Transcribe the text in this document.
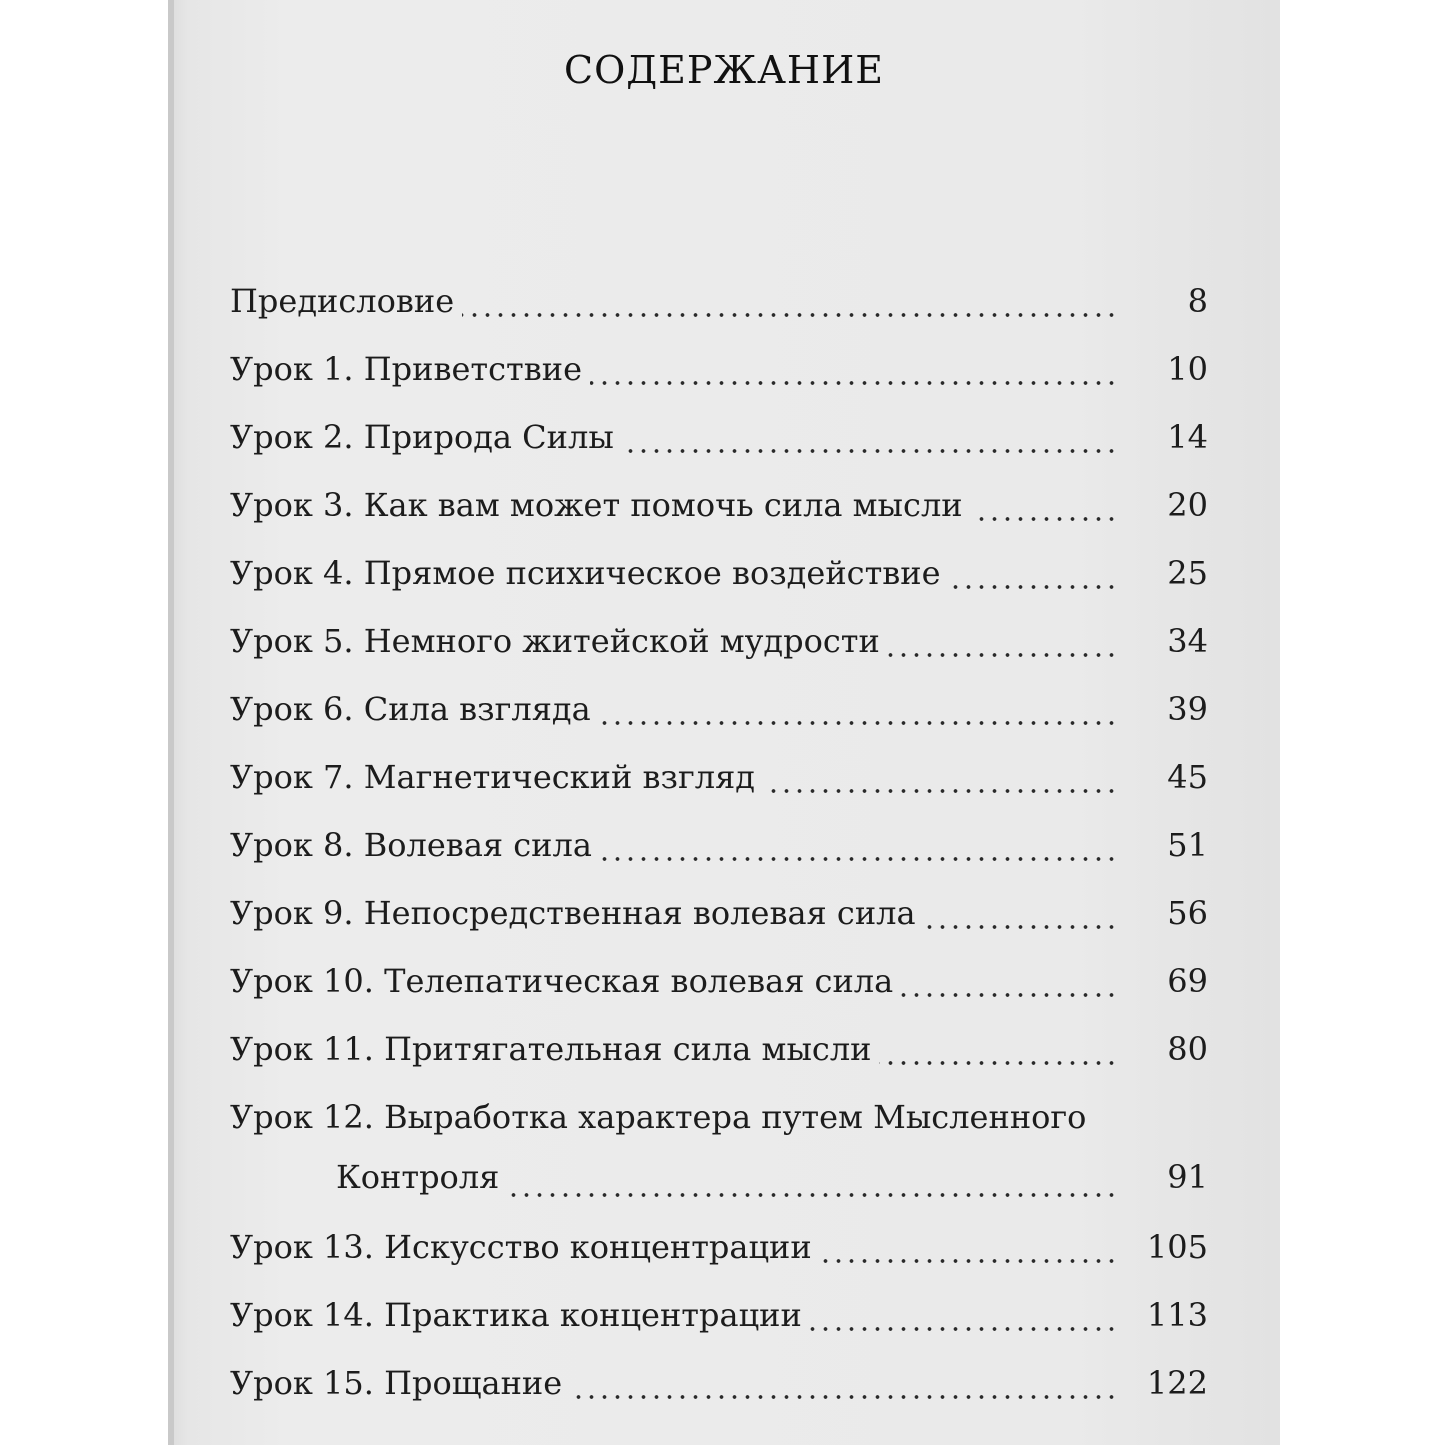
СОДЕРЖАНИЕ
Предисловие	8
Урок 1. Приветствие	10
Урок 2. Природа Силы	14
Урок 3. Как вам может помочь сила мысли	20
Урок 4. Прямое психическое воздействие	25
Урок 5. Немного житейской мудрости	34
Урок 6. Сила взгляда	39
Урок 7. Магнетический взгляд	45
Урок 8. Волевая сила	51
Урок 9. Непосредственная волевая сила	56
Урок 10. Телепатическая волевая сила	69
Урок 11. Притягательная сила мысли	80
Урок 12. Выработка характера путем Мысленного
Контроля	91
Урок 13. Искусство концентрации	105
Урок 14. Практика концентрации	113
Урок 15. Прощание	122
